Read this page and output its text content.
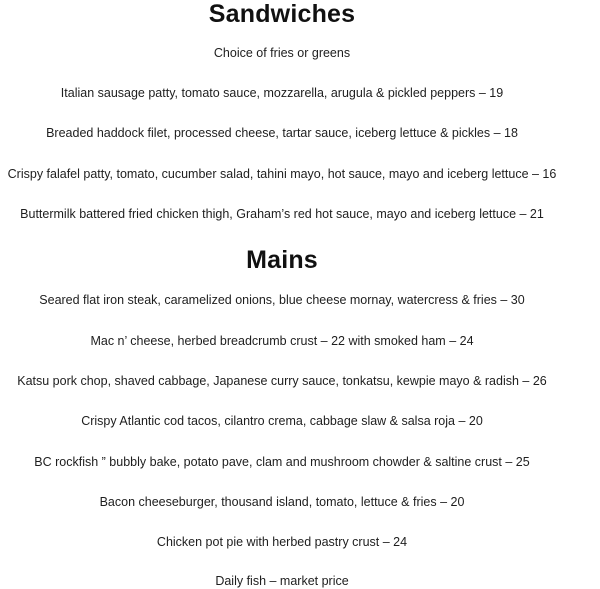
Sandwiches
Choice of fries or greens
Italian sausage patty, tomato sauce, mozzarella, arugula & pickled peppers – 19
Breaded haddock filet, processed cheese, tartar sauce, iceberg lettuce & pickles – 18
Crispy falafel patty, tomato, cucumber salad, tahini mayo, hot sauce, mayo and iceberg lettuce – 16
Buttermilk battered fried chicken thigh, Graham’s red hot sauce, mayo and iceberg lettuce – 21
Mains
Seared flat iron steak, caramelized onions, blue cheese mornay, watercress & fries – 30
Mac n’ cheese, herbed breadcrumb crust – 22 with smoked ham – 24
Katsu pork chop, shaved cabbage, Japanese curry sauce, tonkatsu, kewpie mayo & radish – 26
Crispy Atlantic cod tacos, cilantro crema, cabbage slaw & salsa roja – 20
BC rockfish ” bubbly bake, potato pave, clam and mushroom chowder & saltine crust – 25
Bacon cheeseburger, thousand island, tomato, lettuce & fries – 20
Chicken pot pie with herbed pastry crust – 24
Daily fish – market price
